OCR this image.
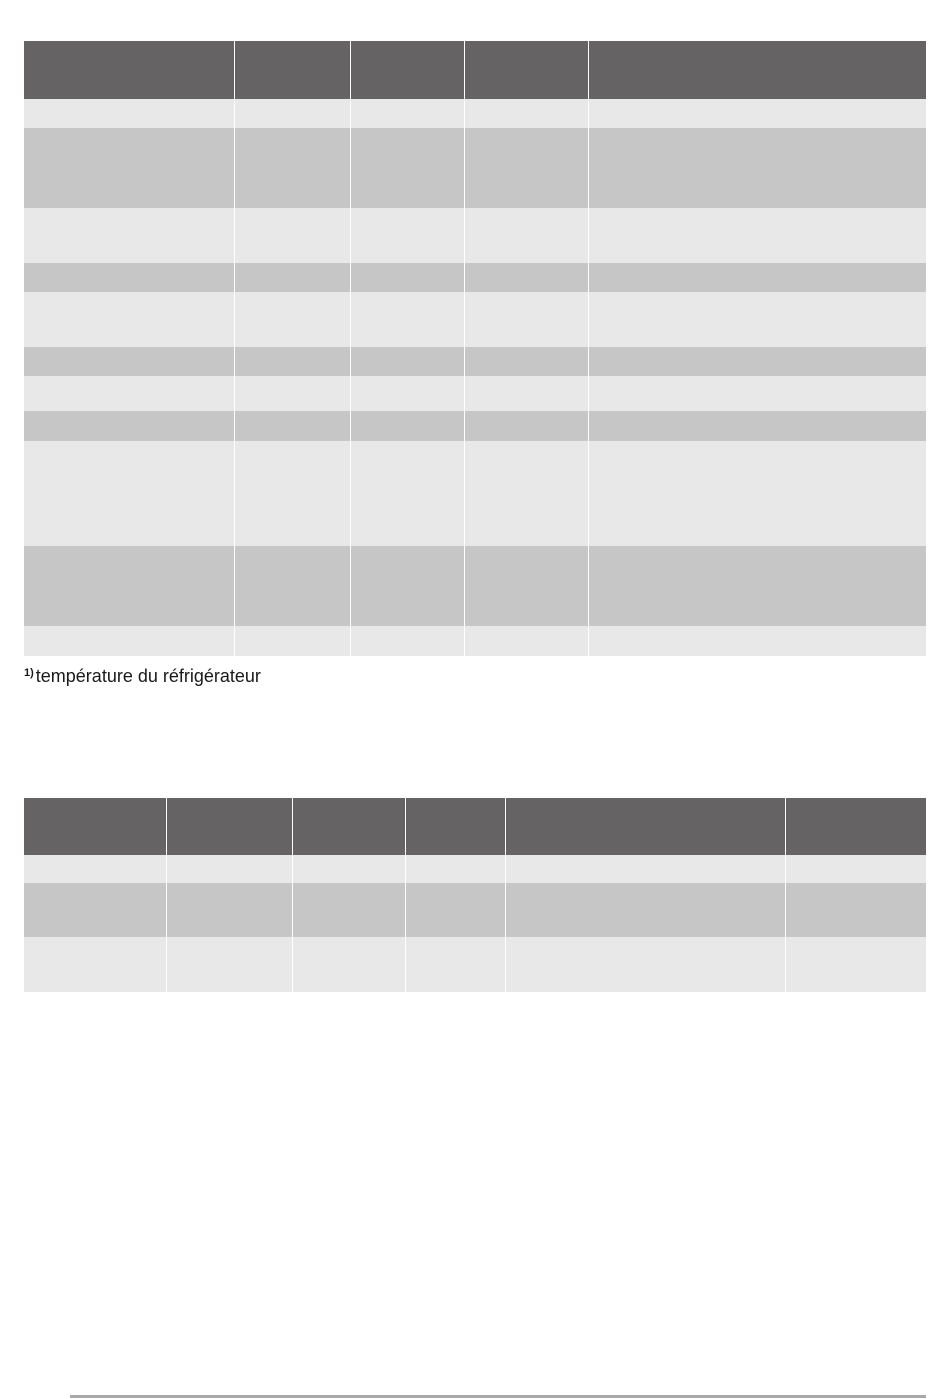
$^{1)}$ température du réfrigérateur
